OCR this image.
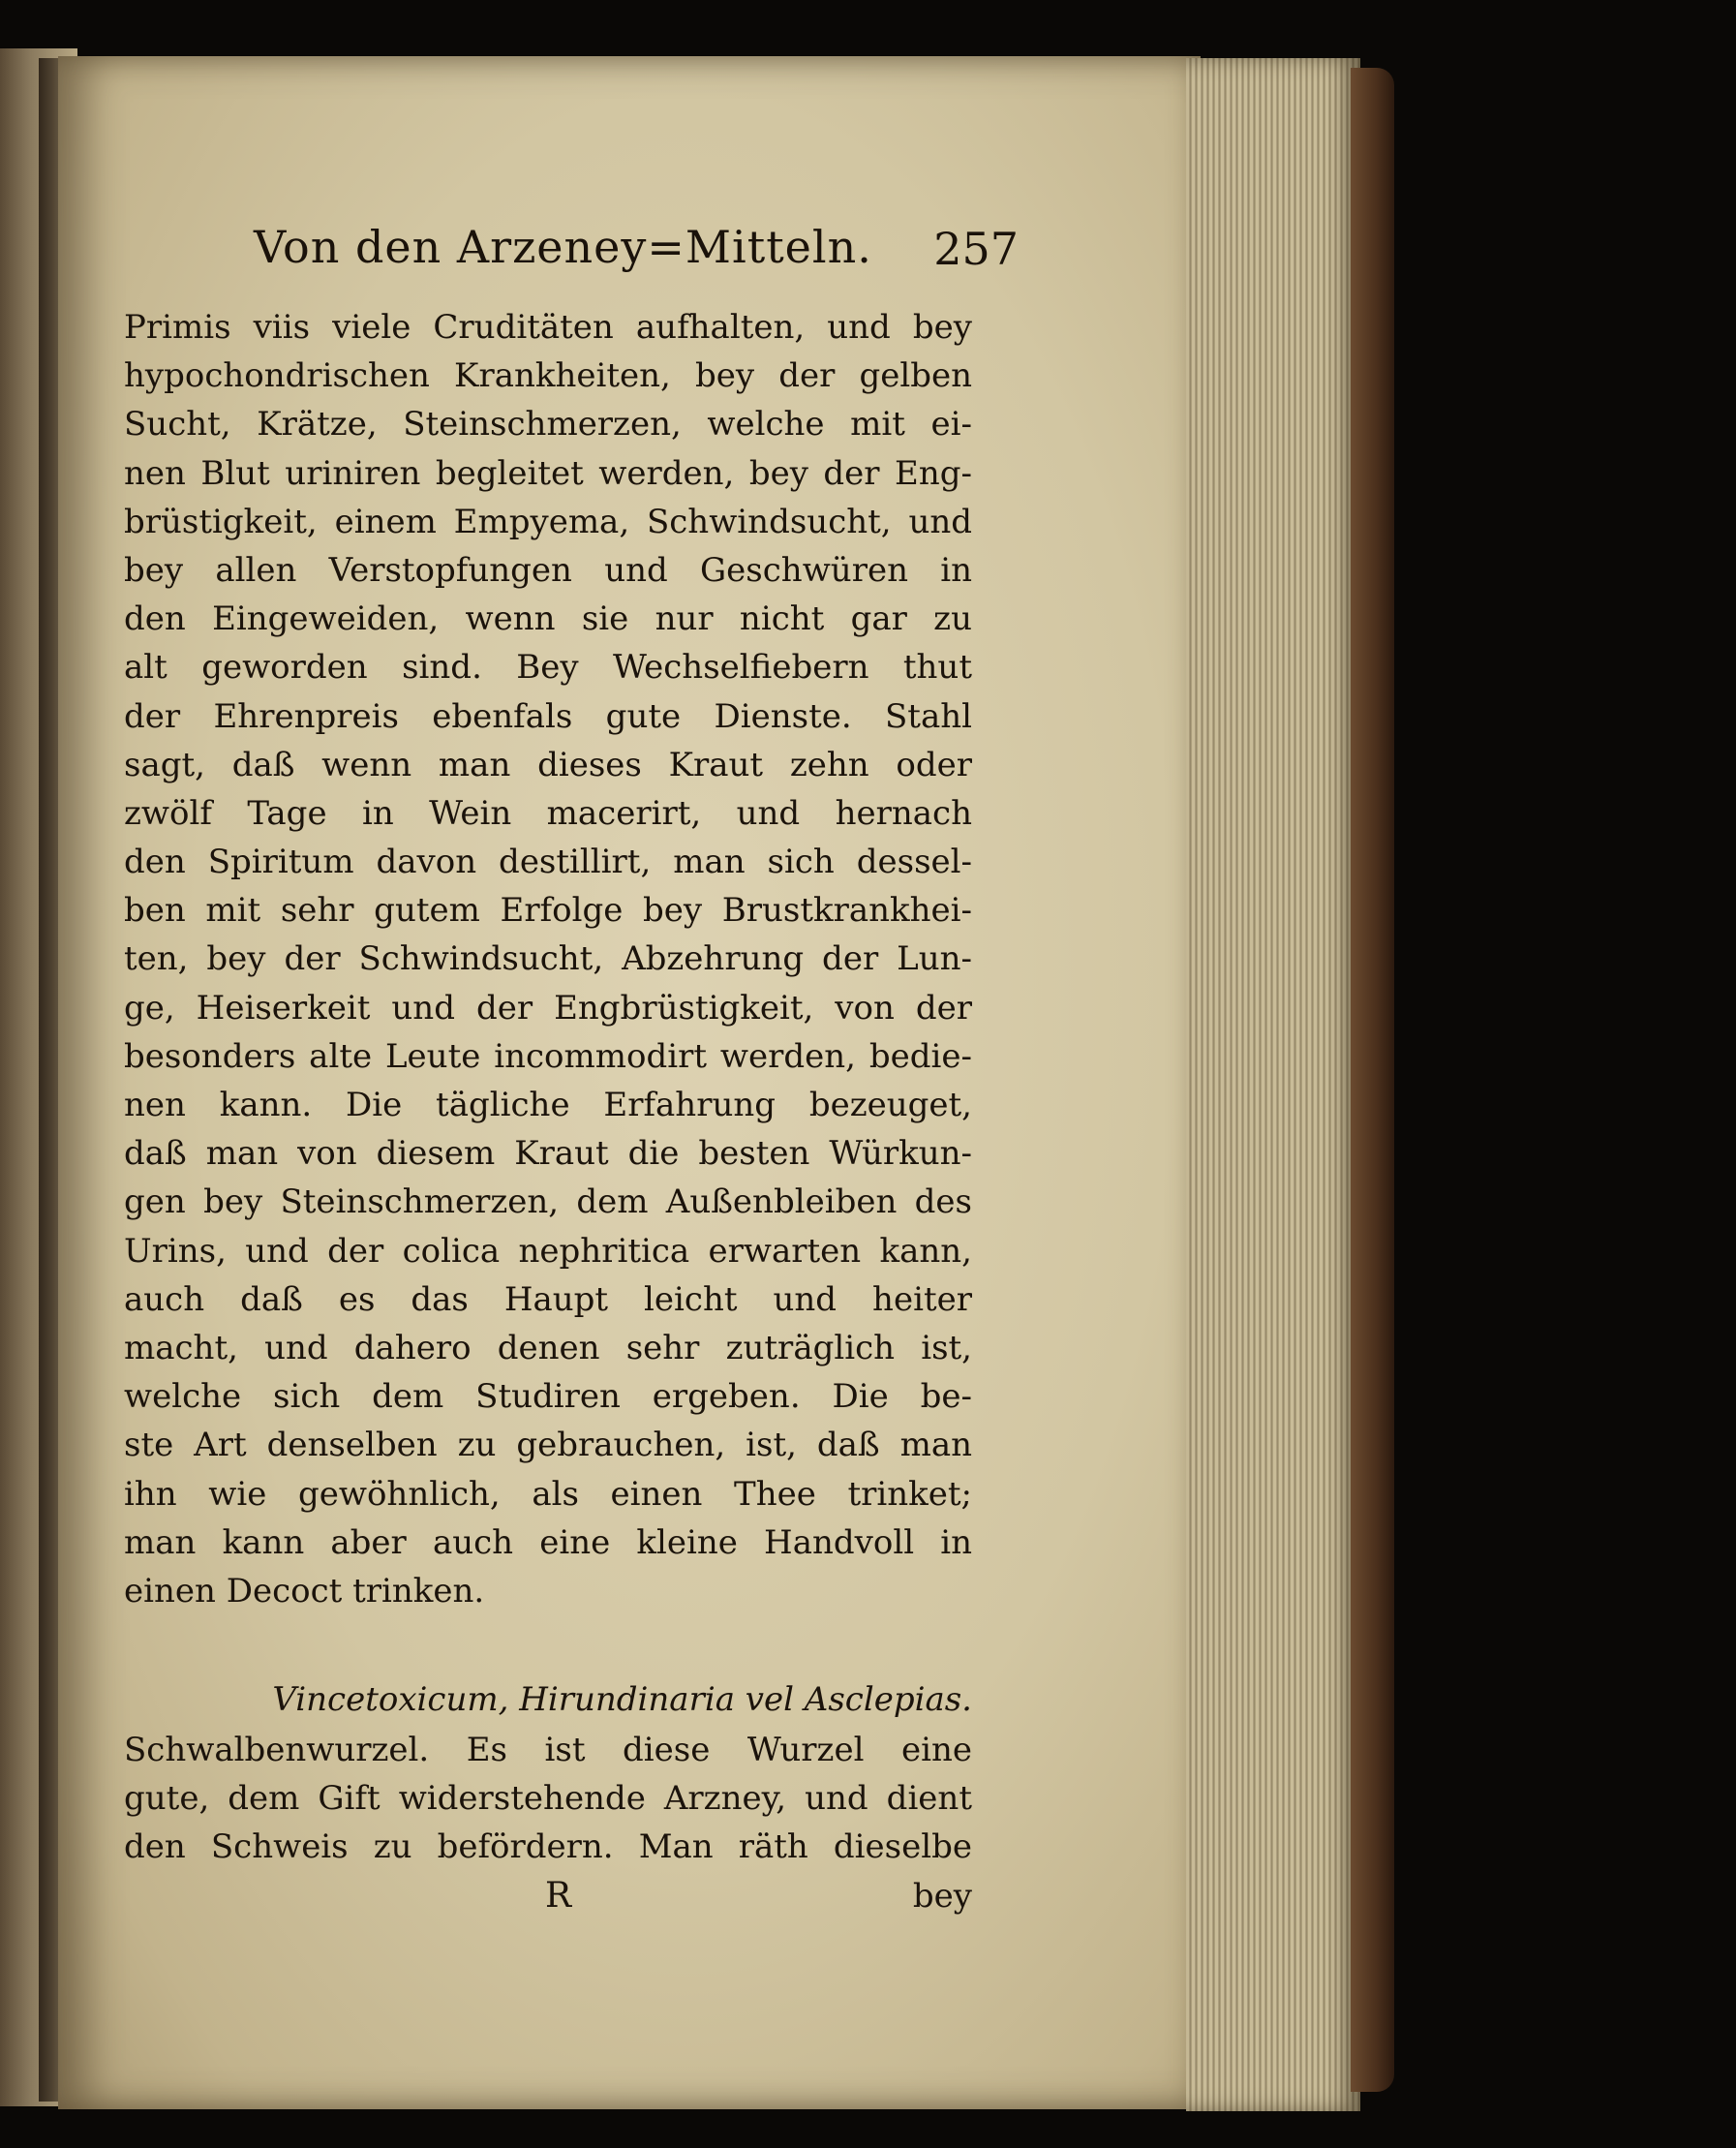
Von den Arzeney=Mitteln. 257
Primis viis viele Cruditäten aufhalten, und bey
hypochondrischen Krankheiten, bey der gelben
Sucht, Krätze, Steinschmerzen, welche mit ei-
nen Blut uriniren begleitet werden, bey der Eng-
brüstigkeit, einem Empyema, Schwindsucht, und
bey allen Verstopfungen und Geschwüren in
den Eingeweiden, wenn sie nur nicht gar zu
alt geworden sind. Bey Wechselfiebern thut
der Ehrenpreis ebenfals gute Dienste. Stahl
sagt, daß wenn man dieses Kraut zehn oder
zwölf Tage in Wein macerirt, und hernach
den Spiritum davon destillirt, man sich dessel-
ben mit sehr gutem Erfolge bey Brustkrankhei-
ten, bey der Schwindsucht, Abzehrung der Lun-
ge, Heiserkeit und der Engbrüstigkeit, von der
besonders alte Leute incommodirt werden, bedie-
nen kann. Die tägliche Erfahrung bezeuget,
daß man von diesem Kraut die besten Würkun-
gen bey Steinschmerzen, dem Außenbleiben des
Urins, und der colica nephritica erwarten kann,
auch daß es das Haupt leicht und heiter
macht, und dahero denen sehr zuträglich ist,
welche sich dem Studiren ergeben. Die be-
ste Art denselben zu gebrauchen, ist, daß man
ihn wie gewöhnlich, als einen Thee trinket;
man kann aber auch eine kleine Handvoll in
einen Decoct trinken.
Vincetoxicum, Hirundinaria vel Asclepias.
Schwalbenwurzel. Es ist diese Wurzel eine
gute, dem Gift widerstehende Arzney, und dient
den Schweis zu befördern. Man räth dieselbe
R	bey
